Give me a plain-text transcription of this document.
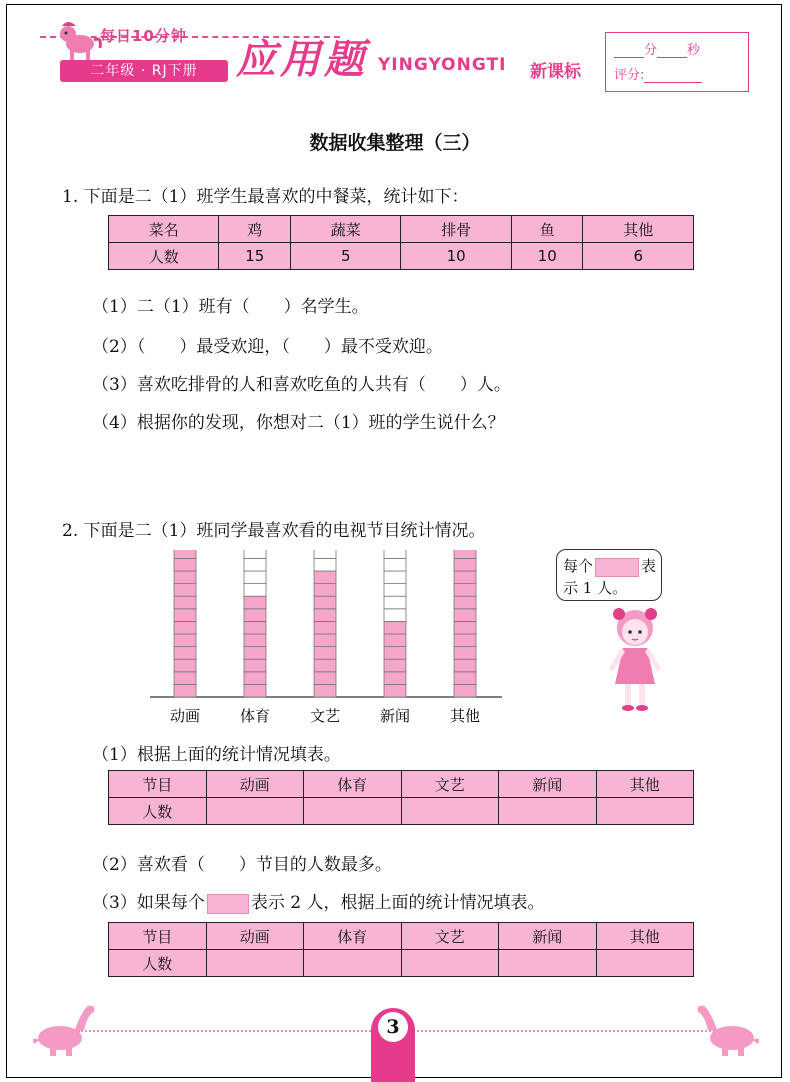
每日10分钟
二年级 · RJ下册 应用题 YINGYONGTI 新课标
分 秒
评分:
数据收集整理（三）
1. 下面是二（1）班学生最喜欢的中餐菜，统计如下：
菜名	鸡	蔬菜	排骨	鱼	其他
人数	15	5	10	10	6
（1）二（1）班有（　　）名学生。
（2）（　　）最受欢迎，（　　）最不受欢迎。
（3）喜欢吃排骨的人和喜欢吃鱼的人共有（　　）人。
（4）根据你的发现，你想对二（1）班的学生说什么？
2. 下面是二（1）班同学最喜欢看的电视节目统计情况。
动画	体育	文艺	新闻	其他
每个	表
示 1 人。
（1）根据上面的统计情况填表。
节目	动画	体育	文艺	新闻	其他
人数					
（2）喜欢看（　　）节目的人数最多。
（3）如果每个	表示 2 人，根据上面的统计情况填表。
节目	动画	体育	文艺	新闻	其他
人数					
3
